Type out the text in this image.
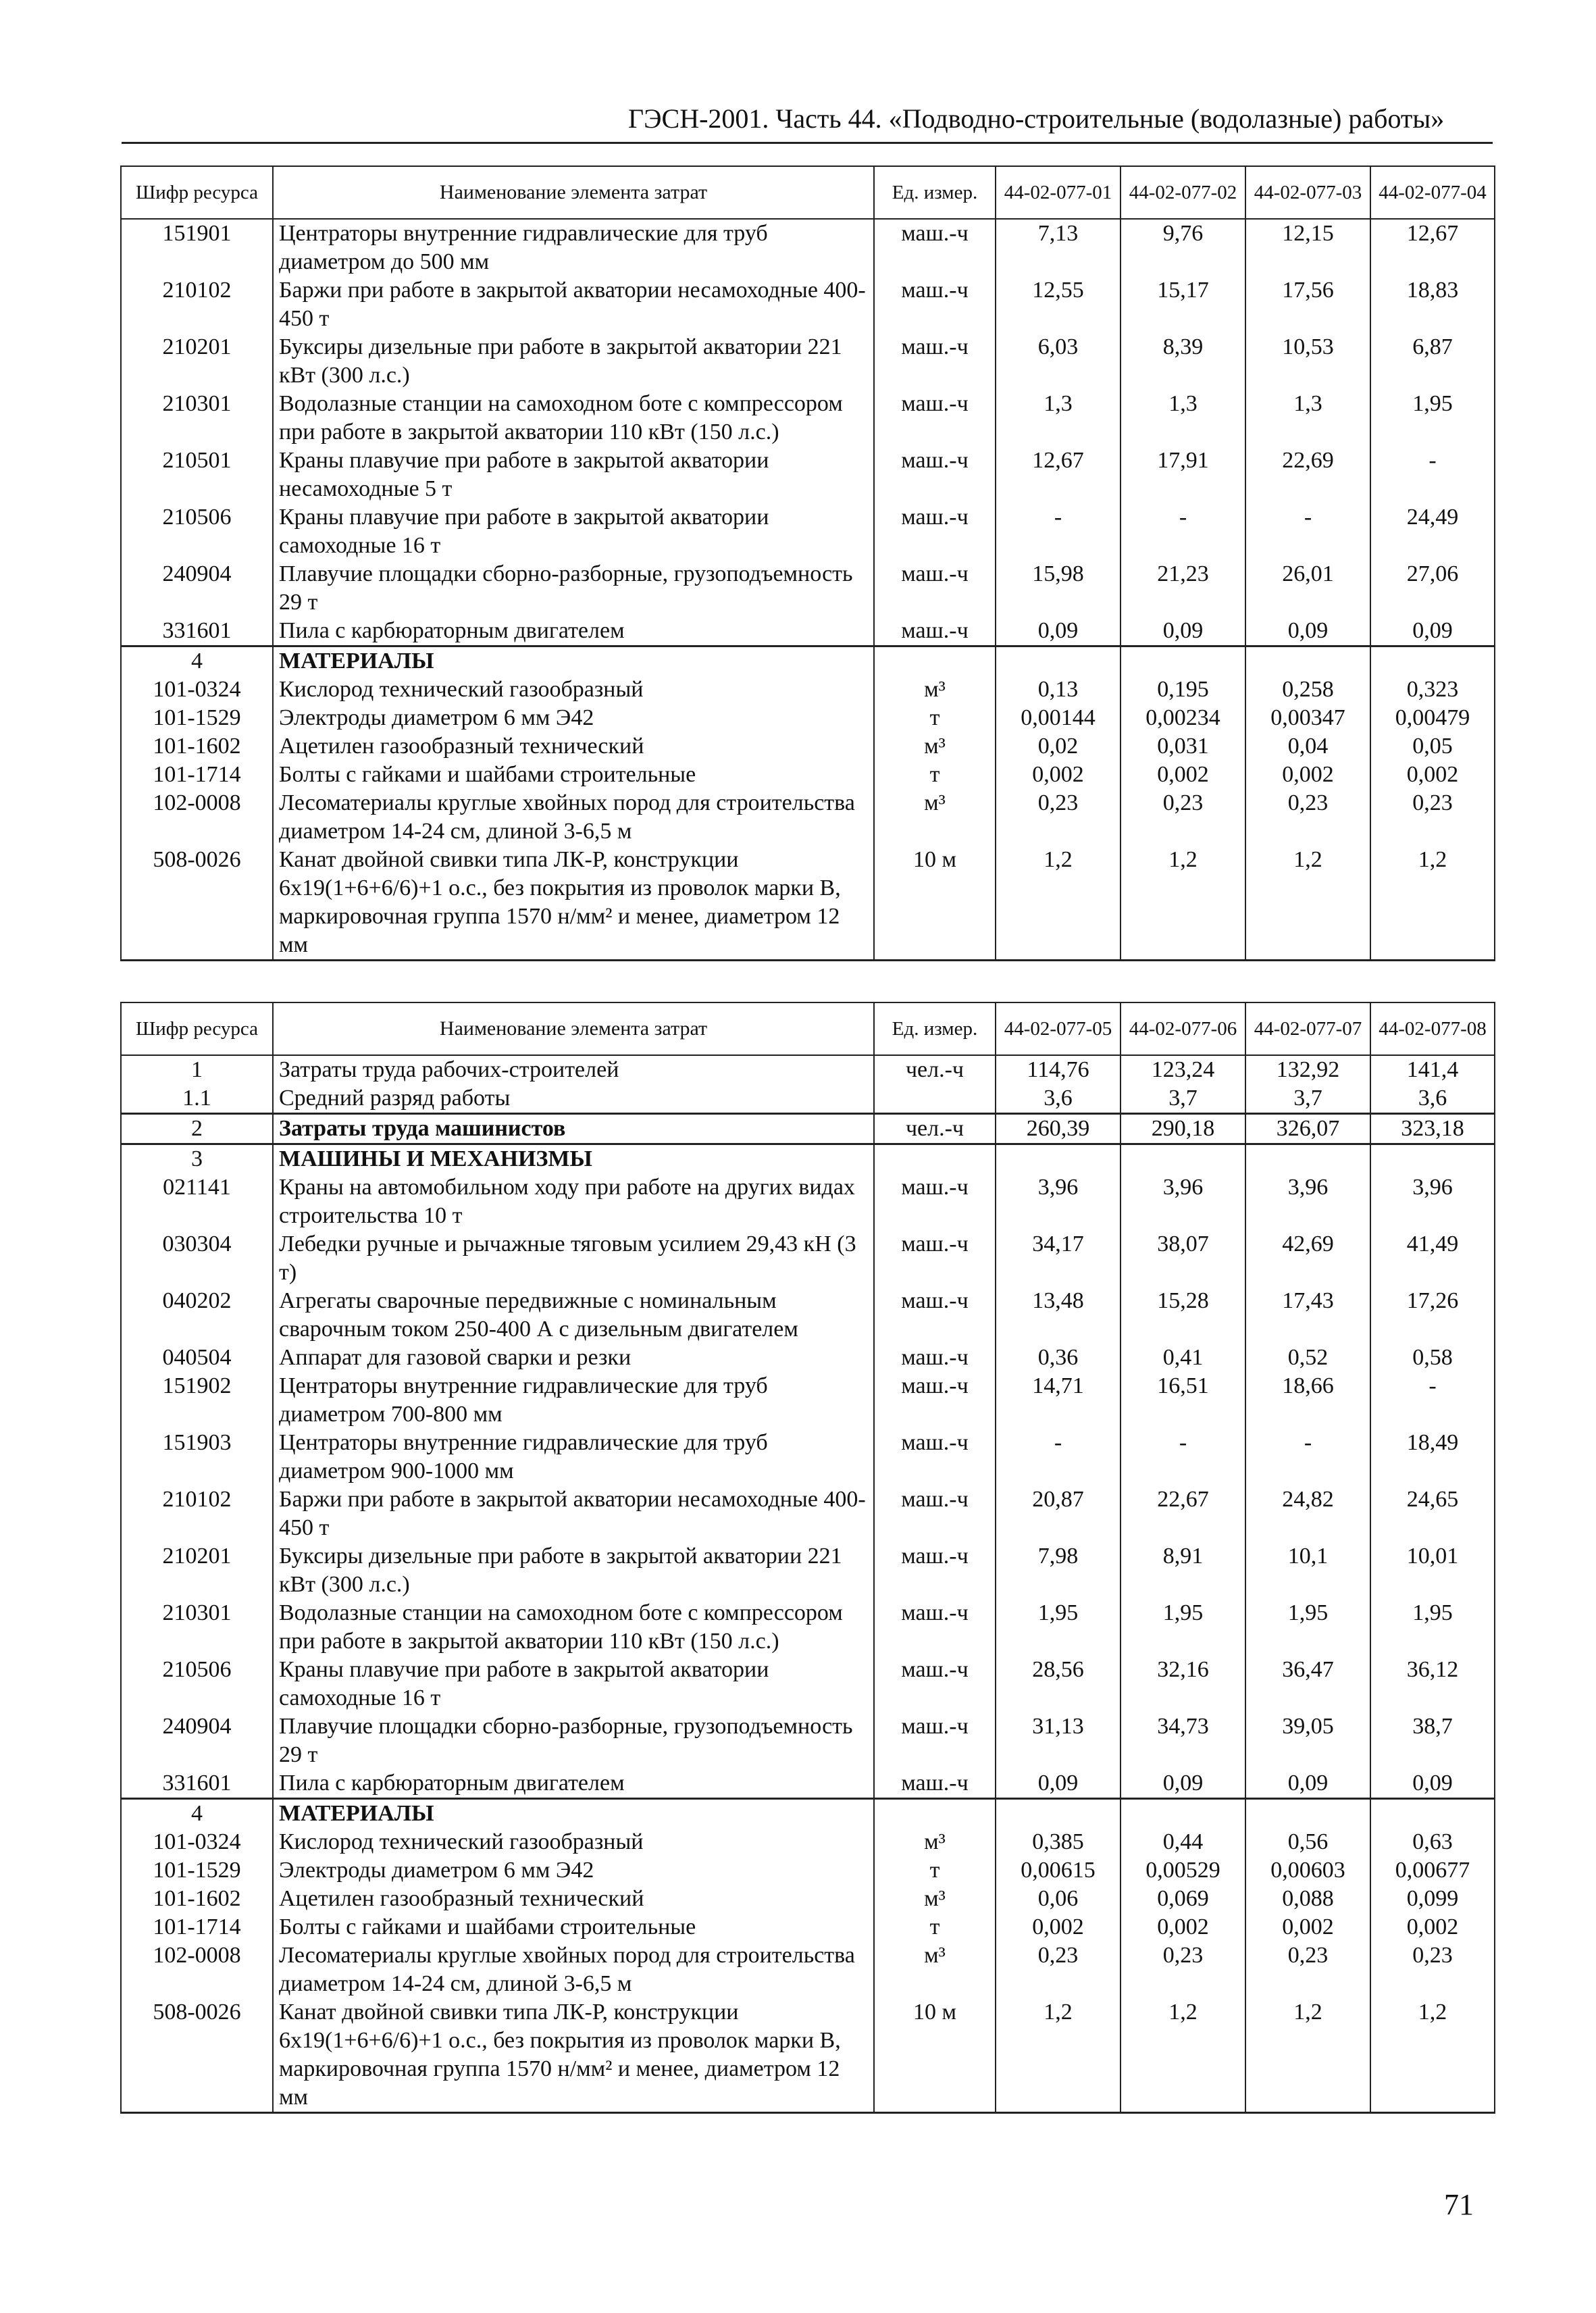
ГЭСН-2001. Часть 44. «Подводно-строительные (водолазные) работы»
Шифр ресурса	Наименование элемента затрат	Ед. измер.	44-02-077-01	44-02-077-02	44-02-077-03	44-02-077-04
151901	Центраторы внутренние гидравлические для труб диаметром до 500 мм	маш.-ч	7,13	9,76	12,15	12,67
210102	Баржи при работе в закрытой акватории несамоходные 400-450 т	маш.-ч	12,55	15,17	17,56	18,83
210201	Буксиры дизельные при работе в закрытой акватории 221 кВт (300 л.с.)	маш.-ч	6,03	8,39	10,53	6,87
210301	Водолазные станции на самоходном боте с компрессором при работе в закрытой акватории 110 кВт (150 л.с.)	маш.-ч	1,3	1,3	1,3	1,95
210501	Краны плавучие при работе в закрытой акватории несамоходные 5 т	маш.-ч	12,67	17,91	22,69	-
210506	Краны плавучие при работе в закрытой акватории самоходные 16 т	маш.-ч	-	-	-	24,49
240904	Плавучие площадки сборно-разборные, грузоподъемность 29 т	маш.-ч	15,98	21,23	26,01	27,06
331601	Пила с карбюраторным двигателем	маш.-ч	0,09	0,09	0,09	0,09
4	МАТЕРИАЛЫ					
101-0324	Кислород технический газообразный	м³	0,13	0,195	0,258	0,323
101-1529	Электроды диаметром 6 мм Э42	т	0,00144	0,00234	0,00347	0,00479
101-1602	Ацетилен газообразный технический	м³	0,02	0,031	0,04	0,05
101-1714	Болты с гайками и шайбами строительные	т	0,002	0,002	0,002	0,002
102-0008	Лесоматериалы круглые хвойных пород для строительства диаметром 14-24 см, длиной 3-6,5 м	м³	0,23	0,23	0,23	0,23
508-0026	Канат двойной свивки типа ЛК-Р, конструкции 6х19(1+6+6/6)+1 о.с., без покрытия из проволок марки В, маркировочная группа 1570 н/мм² и менее, диаметром 12 мм	10 м	1,2	1,2	1,2	1,2
Шифр ресурса	Наименование элемента затрат	Ед. измер.	44-02-077-05	44-02-077-06	44-02-077-07	44-02-077-08
1	Затраты труда рабочих-строителей	чел.-ч	114,76	123,24	132,92	141,4
1.1	Средний разряд работы		3,6	3,7	3,7	3,6
2	Затраты труда машинистов	чел.-ч	260,39	290,18	326,07	323,18
3	МАШИНЫ И МЕХАНИЗМЫ					
021141	Краны на автомобильном ходу при работе на других видах строительства 10 т	маш.-ч	3,96	3,96	3,96	3,96
030304	Лебедки ручные и рычажные тяговым усилием 29,43 кН (3 т)	маш.-ч	34,17	38,07	42,69	41,49
040202	Агрегаты сварочные передвижные с номинальным сварочным током 250-400 А с дизельным двигателем	маш.-ч	13,48	15,28	17,43	17,26
040504	Аппарат для газовой сварки и резки	маш.-ч	0,36	0,41	0,52	0,58
151902	Центраторы внутренние гидравлические для труб диаметром 700-800 мм	маш.-ч	14,71	16,51	18,66	-
151903	Центраторы внутренние гидравлические для труб диаметром 900-1000 мм	маш.-ч	-	-	-	18,49
210102	Баржи при работе в закрытой акватории несамоходные 400-450 т	маш.-ч	20,87	22,67	24,82	24,65
210201	Буксиры дизельные при работе в закрытой акватории 221 кВт (300 л.с.)	маш.-ч	7,98	8,91	10,1	10,01
210301	Водолазные станции на самоходном боте с компрессором при работе в закрытой акватории 110 кВт (150 л.с.)	маш.-ч	1,95	1,95	1,95	1,95
210506	Краны плавучие при работе в закрытой акватории самоходные 16 т	маш.-ч	28,56	32,16	36,47	36,12
240904	Плавучие площадки сборно-разборные, грузоподъемность 29 т	маш.-ч	31,13	34,73	39,05	38,7
331601	Пила с карбюраторным двигателем	маш.-ч	0,09	0,09	0,09	0,09
4	МАТЕРИАЛЫ					
101-0324	Кислород технический газообразный	м³	0,385	0,44	0,56	0,63
101-1529	Электроды диаметром 6 мм Э42	т	0,00615	0,00529	0,00603	0,00677
101-1602	Ацетилен газообразный технический	м³	0,06	0,069	0,088	0,099
101-1714	Болты с гайками и шайбами строительные	т	0,002	0,002	0,002	0,002
102-0008	Лесоматериалы круглые хвойных пород для строительства диаметром 14-24 см, длиной 3-6,5 м	м³	0,23	0,23	0,23	0,23
508-0026	Канат двойной свивки типа ЛК-Р, конструкции 6х19(1+6+6/6)+1 о.с., без покрытия из проволок марки В, маркировочная группа 1570 н/мм² и менее, диаметром 12 мм	10 м	1,2	1,2	1,2	1,2
71
